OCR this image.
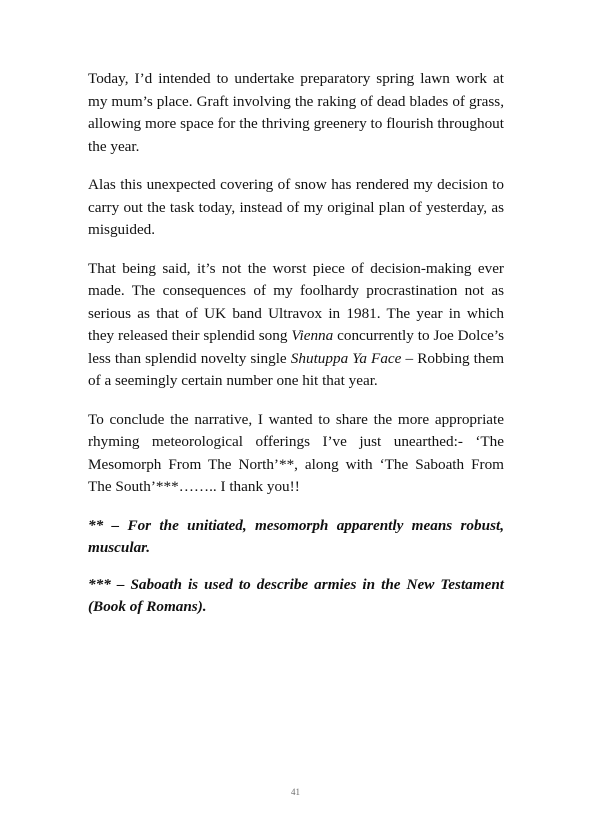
Today, I’d intended to undertake preparatory spring lawn work at my mum’s place. Graft involving the raking of dead blades of grass, allowing more space for the thriving greenery to flourish throughout the year.

Alas this unexpected covering of snow has rendered my decision to carry out the task today, instead of my original plan of yesterday, as misguided.

That being said, it’s not the worst piece of decision-making ever made. The consequences of my foolhardy procrastination not as serious as that of UK band Ultravox in 1981. The year in which they released their splendid song Vienna concurrently to Joe Dolce’s less than splendid novelty single Shutuppa Ya Face – Robbing them of a seemingly certain number one hit that year.

To conclude the narrative, I wanted to share the more appropriate rhyming meteorological offerings I’ve just unearthed:- ‘The Mesomorph From The North’**, along with ‘The Saboath From The South’***…….. I thank you!!

** – For the unitiated, mesomorph apparently means robust, muscular.

*** – Saboath is used to describe armies in the New Testament (Book of Romans).

41
